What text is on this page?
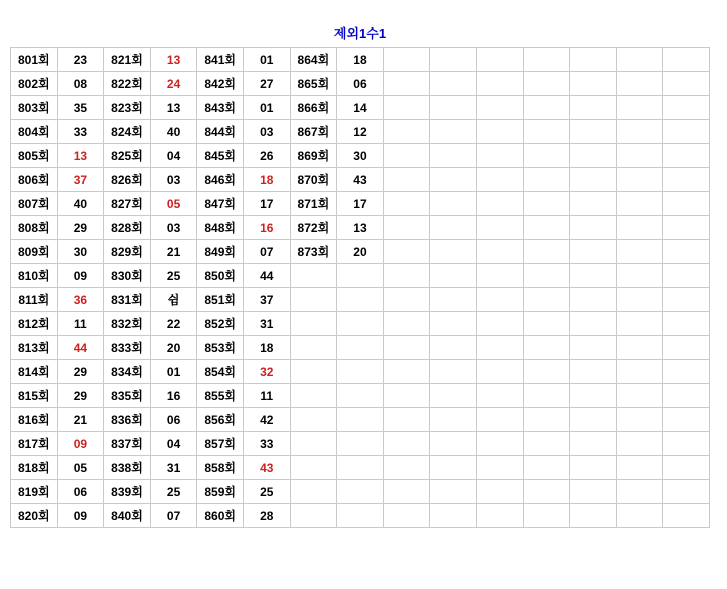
제외1수1
801회	23	821회	13	841회	01	864회	18							
802회	08	822회	24	842회	27	865회	06							
803회	35	823회	13	843회	01	866회	14							
804회	33	824회	40	844회	03	867회	12							
805회	13	825회	04	845회	26	869회	30							
806회	37	826회	03	846회	18	870회	43							
807회	40	827회	05	847회	17	871회	17							
808회	29	828회	03	848회	16	872회	13							
809회	30	829회	21	849회	07	873회	20							
810회	09	830회	25	850회	44									
811회	36	831회	쉼	851회	37									
812회	11	832회	22	852회	31									
813회	44	833회	20	853회	18									
814회	29	834회	01	854회	32									
815회	29	835회	16	855회	11									
816회	21	836회	06	856회	42									
817회	09	837회	04	857회	33									
818회	05	838회	31	858회	43									
819회	06	839회	25	859회	25									
820회	09	840회	07	860회	28									
